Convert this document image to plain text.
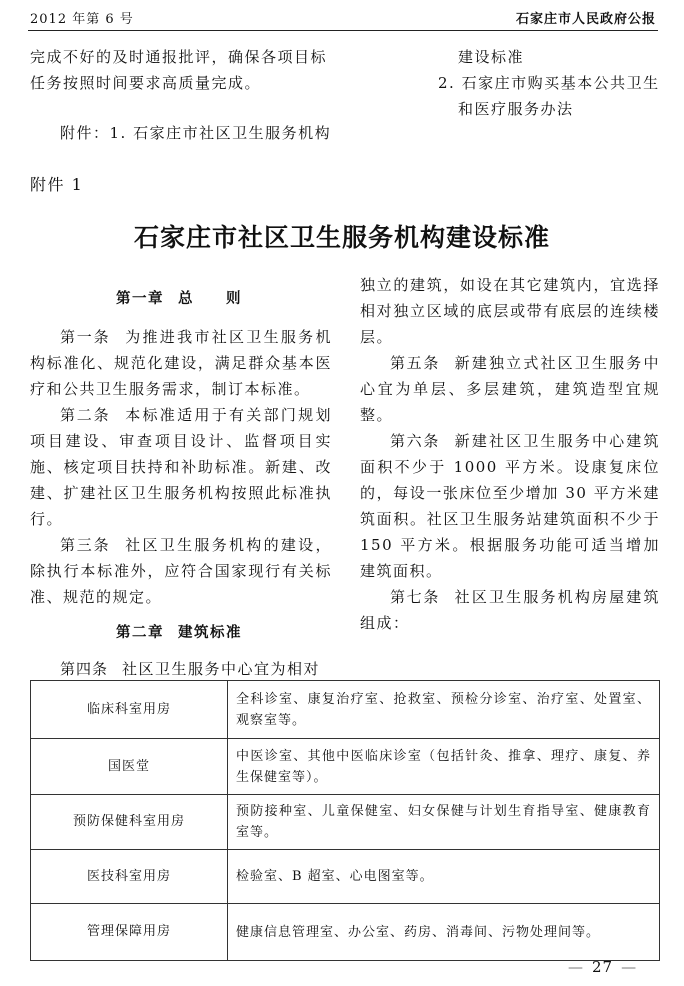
2012 年第 6 号	石家庄市人民政府公报
完成不好的及时通报批评，确保各项目标
任务按照时间要求高质量完成。
附件：1. 石家庄市社区卫生服务机构
建设标准
2. 石家庄市购买基本公共卫生
和医疗服务办法
附件 1
石家庄市社区卫生服务机构建设标准
第一章 总　　则

第一条 为推进我市社区卫生服务机构标准化、规范化建设，满足群众基本医疗和公共卫生服务需求，制订本标准。

第二条 本标准适用于有关部门规划项目建设、审查项目设计、监督项目实施、核定项目扶持和补助标准。新建、改建、扩建社区卫生服务机构按照此标准执行。

第三条 社区卫生服务机构的建设，除执行本标准外，应符合国家现行有关标准、规范的规定。

第二章 建筑标准

第四条 社区卫生服务中心宜为相对

独立的建筑，如设在其它建筑内，宜选择相对独立区域的底层或带有底层的连续楼层。

第五条 新建独立式社区卫生服务中心宜为单层、多层建筑，建筑造型宜规整。

第六条 新建社区卫生服务中心建筑面积不少于 1000 平方米。设康复床位的，每设一张床位至少增加 30 平方米建筑面积。社区卫生服务站建筑面积不少于 150 平方米。根据服务功能可适当增加建筑面积。

第七条 社区卫生服务机构房屋建筑组成：

临床科室用房	全科诊室、康复治疗室、抢救室、预检分诊室、治疗室、处置室、观察室等。
国医堂	中医诊室、其他中医临床诊室（包括针灸、推拿、理疗、康复、养生保健室等）。
预防保健科室用房	预防接种室、儿童保健室、妇女保健与计划生育指导室、健康教育室等。
医技科室用房	检验室、B 超室、心电图室等。
管理保障用房	健康信息管理室、办公室、药房、消毒间、污物处理间等。
— 27 —
